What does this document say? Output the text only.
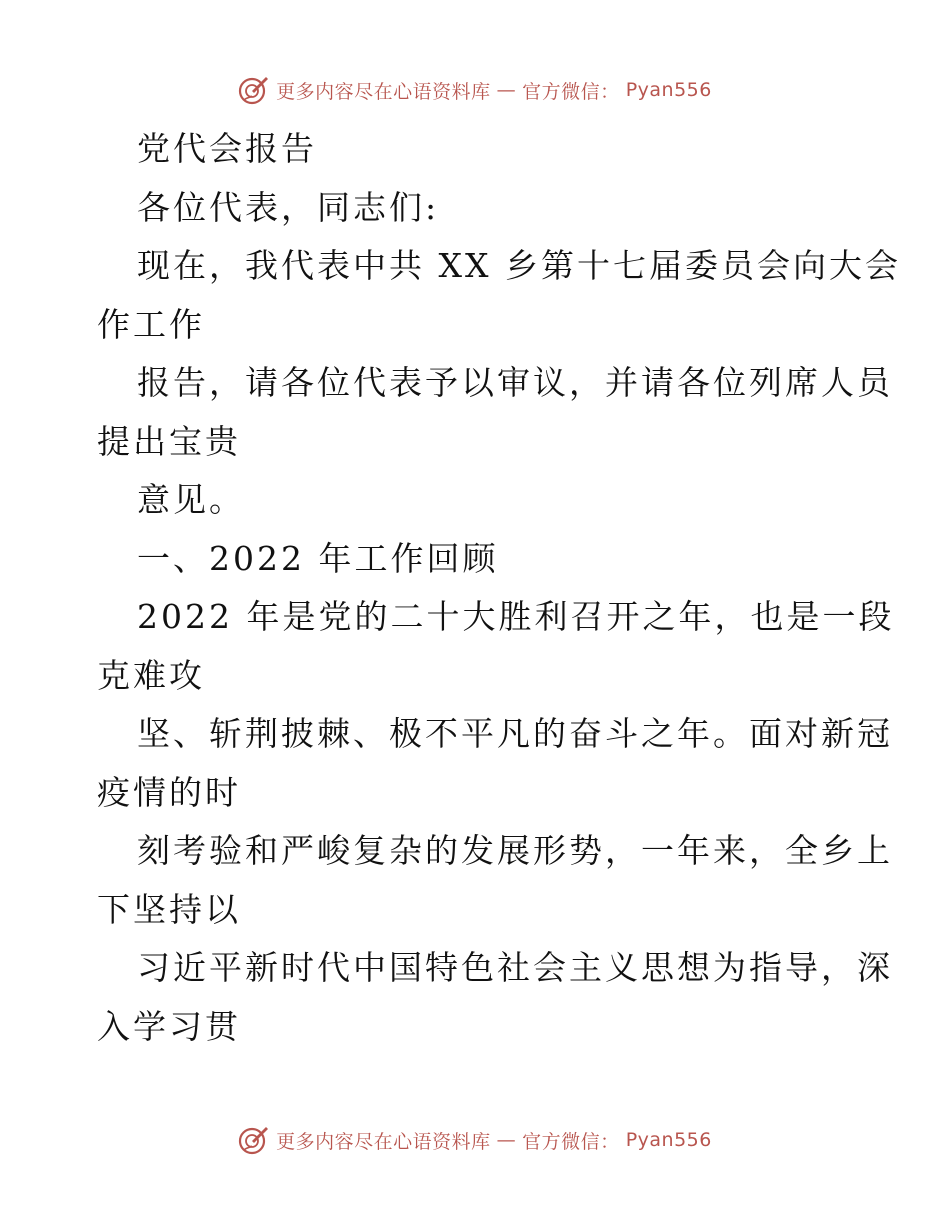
更多内容尽在心语资料库 — 官方微信： Pyan556
党代会报告
各位代表，同志们:
现在，我代表中共 XX 乡第十七届委员会向大会
作工作
报告，请各位代表予以审议，并请各位列席人员
提出宝贵
意见。
一、2022 年工作回顾
2022 年是党的二十大胜利召开之年，也是一段
克难攻
坚、斩荆披棘、极不平凡的奋斗之年。面对新冠
疫情的时
刻考验和严峻复杂的发展形势，一年来，全乡上
下坚持以
习近平新时代中国特色社会主义思想为指导，深
入学习贯
更多内容尽在心语资料库 — 官方微信： Pyan556
